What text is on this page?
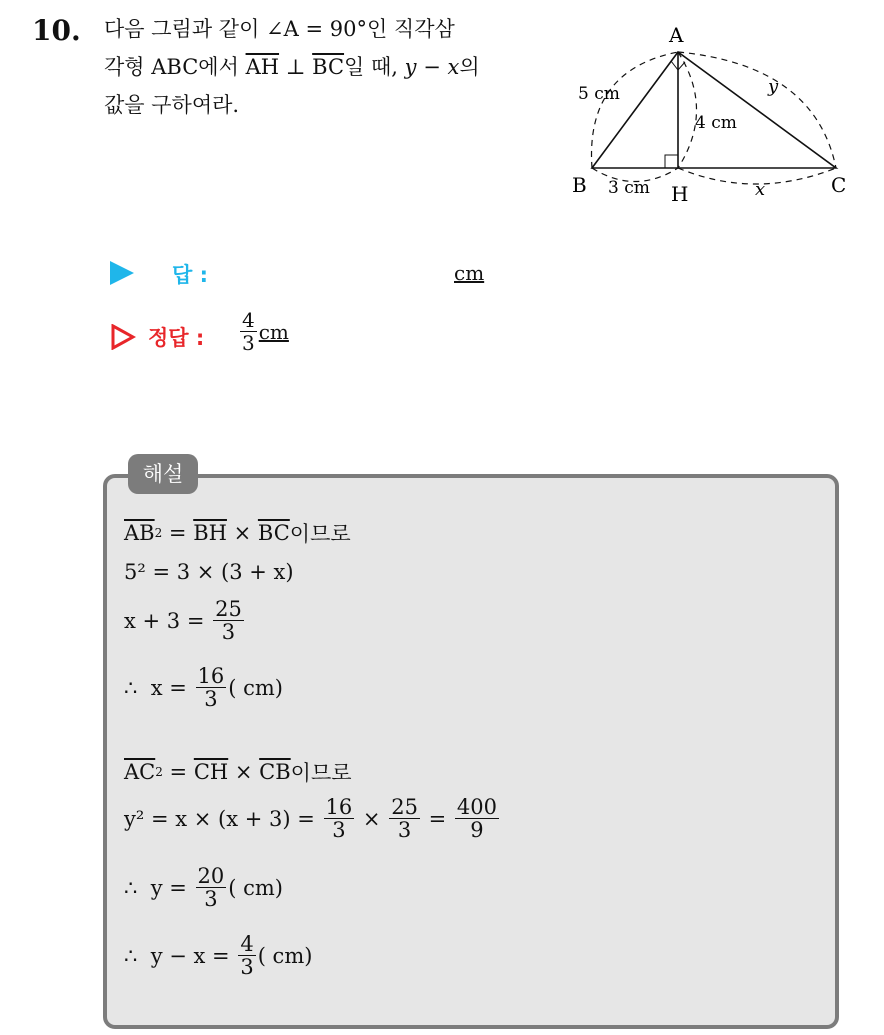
10. 다음 그림과 같이 ∠A = 90°인 직각삼
각형 ABC에서 $\overline{AH}$ ⊥ $\overline{BC}$일 때, y − x의
값을 구하여라.
A
B	C
H
5 cm
4 cm
3 cm	x
y
답 :	cm
정답 : $\frac{4}{3}$ cm
해설
$\overline{AB}$ $2 = \overline{BH} \times \overline{BC}$ 이므로
5² = 3 × (3 + x)
$x + 3 = \frac{25}{3}$
∴  $x = \frac{16}{3}$ ( cm)
$\overline{AC}$ $2 = \overline{CH} \times \overline{CB}$ 이므로
$y^2 = x \times (x + 3) = \frac{16}{3} \times \frac{25}{3} = \frac{400}{9}$
∴  $y = \frac{20}{3}$ ( cm)
∴  $y - x = \frac{4}{3}$ ( cm)
